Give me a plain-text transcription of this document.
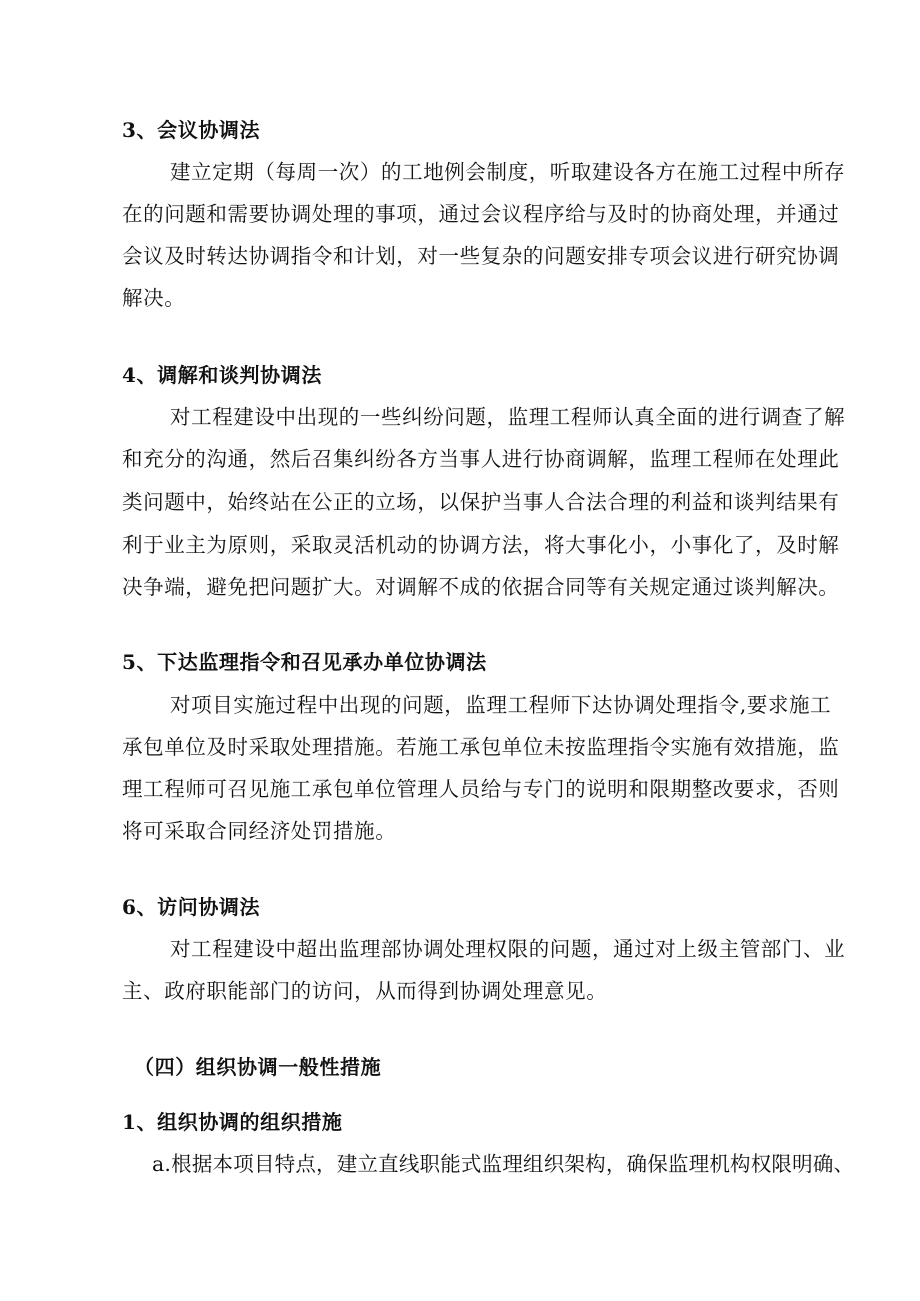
3、会议协调法
建立定期（每周一次）的工地例会制度，听取建设各方在施工过程中所存
在的问题和需要协调处理的事项，通过会议程序给与及时的协商处理，并通过
会议及时转达协调指令和计划，对一些复杂的问题安排专项会议进行研究协调
解决。
4、调解和谈判协调法
对工程建设中出现的一些纠纷问题，监理工程师认真全面的进行调查了解
和充分的沟通，然后召集纠纷各方当事人进行协商调解，监理工程师在处理此
类问题中，始终站在公正的立场，以保护当事人合法合理的利益和谈判结果有
利于业主为原则，采取灵活机动的协调方法，将大事化小，小事化了，及时解
决争端，避免把问题扩大。对调解不成的依据合同等有关规定通过谈判解决。
5、下达监理指令和召见承办单位协调法
对项目实施过程中出现的问题，监理工程师下达协调处理指令,要求施工
承包单位及时采取处理措施。若施工承包单位未按监理指令实施有效措施，监
理工程师可召见施工承包单位管理人员给与专门的说明和限期整改要求，否则
将可采取合同经济处罚措施。
6、访问协调法
对工程建设中超出监理部协调处理权限的问题，通过对上级主管部门、业
主、政府职能部门的访问，从而得到协调处理意见。
（四）组织协调一般性措施
1、组织协调的组织措施
a.根据本项目特点，建立直线职能式监理组织架构，确保监理机构权限明确、
